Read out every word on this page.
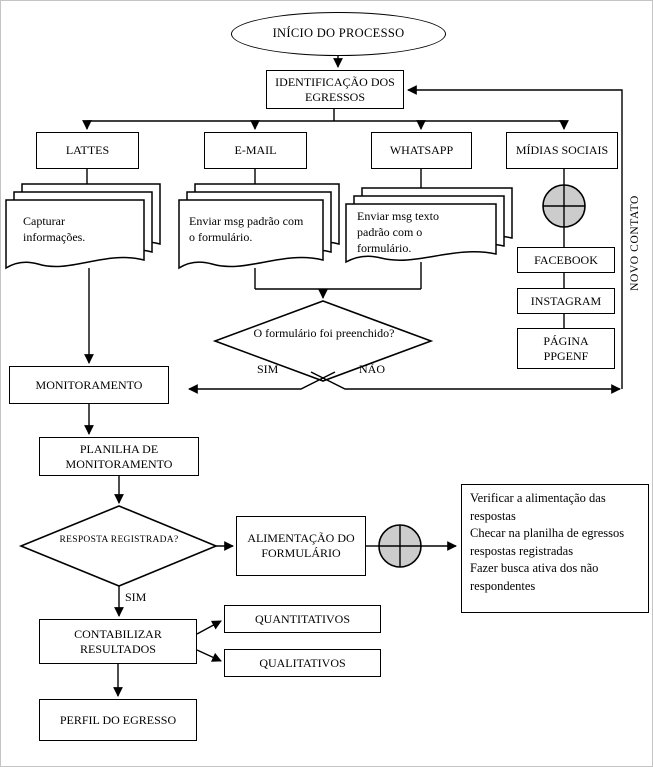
INÍCIO DO PROCESSO
IDENTIFICAÇÃO DOS EGRESSOS
LATTES	E-MAIL	WHATSAPP	MÍDIAS SOCIAIS
Capturar informações.
Enviar msg padrão com o formulário.
Enviar msg texto padrão com o formulário.
FACEBOOK
INSTAGRAM
PÁGINA PPGENF
NOVO CONTATO
O formulário foi preenchido?
SIM	NÃO
MONITORAMENTO
PLANILHA DE MONITORAMENTO
RESPOSTA REGISTRADA?
SIM
ALIMENTAÇÃO DO FORMULÁRIO
Verificar a alimentação das respostas
Checar na planilha de egressos respostas registradas
Fazer busca ativa dos não respondentes
CONTABILIZAR RESULTADOS
QUANTITATIVOS
QUALITATIVOS
PERFIL DO EGRESSO
